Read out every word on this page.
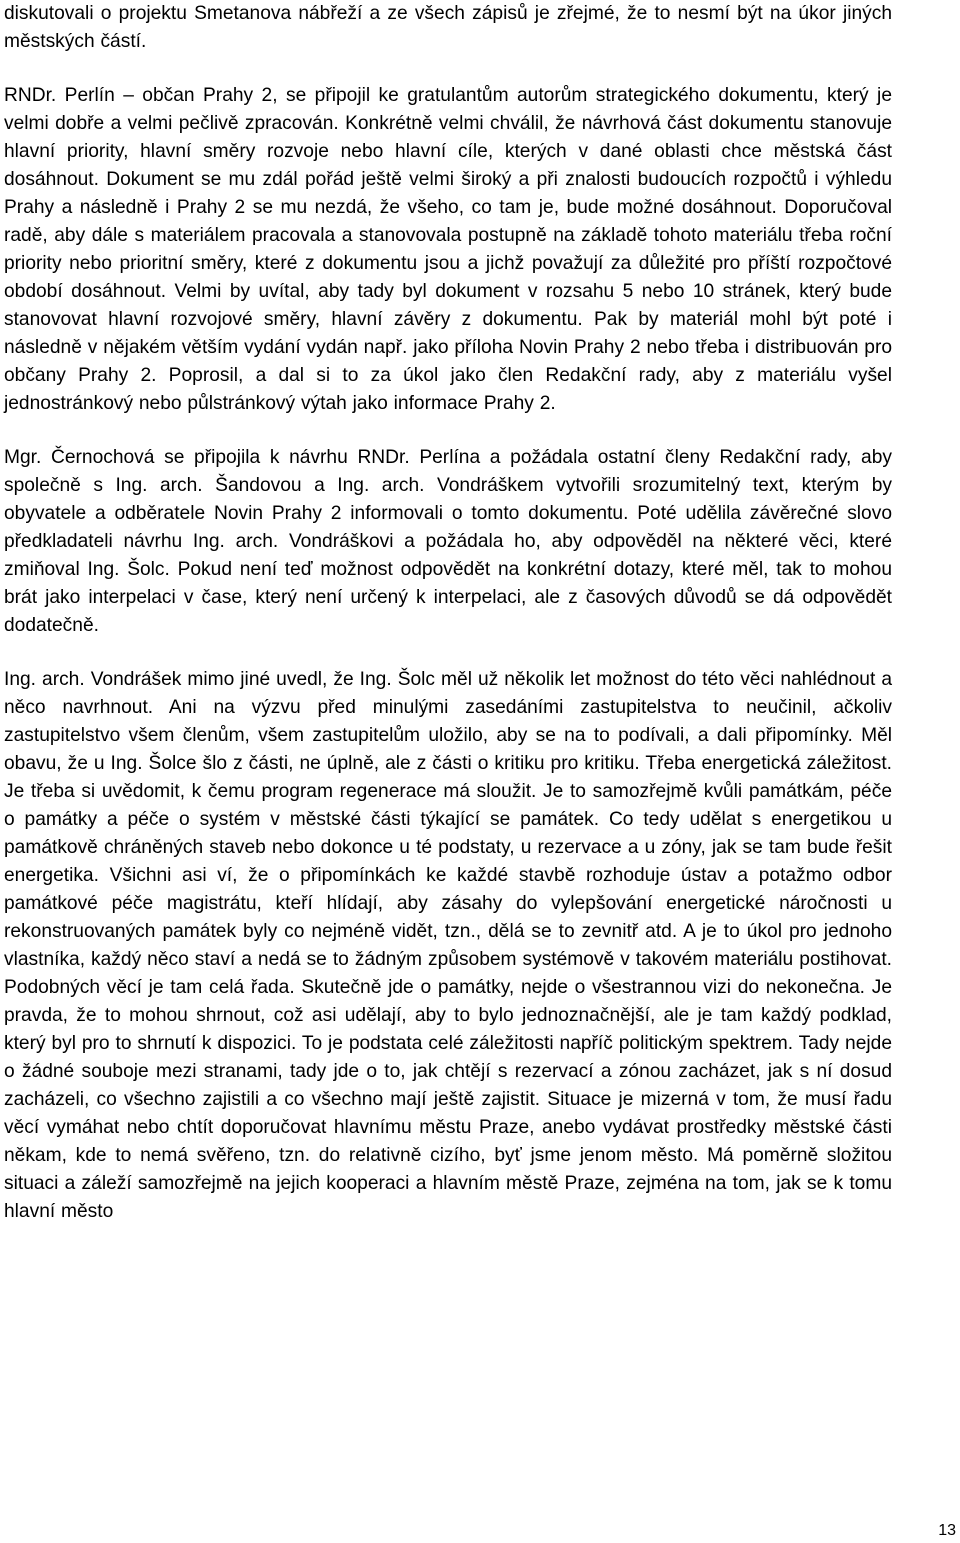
diskutovali o projektu Smetanova nábřeží a ze všech zápisů je zřejmé, že to nesmí být na úkor jiných městských částí.

RNDr. Perlín – občan Prahy 2, se připojil ke gratulantům autorům strategického dokumentu, který je velmi dobře a velmi pečlivě zpracován. Konkrétně velmi chválil, že návrhová část dokumentu stanovuje hlavní priority, hlavní směry rozvoje nebo hlavní cíle, kterých v dané oblasti chce městská část dosáhnout. Dokument se mu zdál pořád ještě velmi široký a při znalosti budoucích rozpočtů i výhledu Prahy a následně i Prahy 2 se mu nezdá, že všeho, co tam je, bude možné dosáhnout. Doporučoval radě, aby dále s materiálem pracovala a stanovovala postupně na základě tohoto materiálu třeba roční priority nebo prioritní směry, které z dokumentu jsou a jichž považují za důležité pro příští rozpočtové období dosáhnout. Velmi by uvítal, aby tady byl dokument v rozsahu 5 nebo 10 stránek, který bude stanovovat hlavní rozvojové směry, hlavní závěry z dokumentu. Pak by materiál mohl být poté i následně v nějakém větším vydání vydán např. jako příloha Novin Prahy 2 nebo třeba i distribuován pro občany Prahy 2. Poprosil, a dal si to za úkol jako člen Redakční rady, aby z materiálu vyšel jednostránkový nebo půlstránkový výtah jako informace Prahy 2.

Mgr. Černochová se připojila k návrhu RNDr. Perlína a požádala ostatní členy Redakční rady, aby společně s Ing. arch. Šandovou a Ing. arch. Vondráškem vytvořili srozumitelný text, kterým by obyvatele a odběratele Novin Prahy 2 informovali o tomto dokumentu. Poté udělila závěrečné slovo předkladateli návrhu Ing. arch. Vondráškovi a požádala ho, aby odpověděl na některé věci, které zmiňoval Ing. Šolc. Pokud není teď možnost odpovědět na konkrétní dotazy, které měl, tak to mohou brát jako interpelaci v čase, který není určený k interpelaci, ale z časových důvodů se dá odpovědět dodatečně.

Ing. arch. Vondrášek mimo jiné uvedl, že Ing. Šolc měl už několik let možnost do této věci nahlédnout a něco navrhnout. Ani na výzvu před minulými zasedáními zastupitelstva to neučinil, ačkoliv zastupitelstvo všem členům, všem zastupitelům uložilo, aby se na to podívali, a dali připomínky. Měl obavu, že u Ing. Šolce šlo z části, ne úplně, ale z části o kritiku pro kritiku. Třeba energetická záležitost. Je třeba si uvědomit, k čemu program regenerace má sloužit. Je to samozřejmě kvůli památkám, péče o památky a péče o systém v městské části týkající se památek. Co tedy udělat s energetikou u památkově chráněných staveb nebo dokonce u té podstaty, u rezervace a u zóny, jak se tam bude řešit energetika. Všichni asi ví, že o připomínkách ke každé stavbě rozhoduje ústav a potažmo odbor památkové péče magistrátu, kteří hlídají, aby zásahy do vylepšování energetické náročnosti u rekonstruovaných památek byly co nejméně vidět, tzn., dělá se to zevnitř atd. A je to úkol pro jednoho vlastníka, každý něco staví a nedá se to žádným způsobem systémově v takovém materiálu postihovat. Podobných věcí je tam celá řada. Skutečně jde o památky, nejde o všestrannou vizi do nekonečna. Je pravda, že to mohou shrnout, což asi udělají, aby to bylo jednoznačnější, ale je tam každý podklad, který byl pro to shrnutí k dispozici. To je podstata celé záležitosti napříč politickým spektrem. Tady nejde o žádné souboje mezi stranami, tady jde o to, jak chtějí s rezervací a zónou zacházet, jak s ní dosud zacházeli, co všechno zajistili a co všechno mají ještě zajistit. Situace je mizerná v tom, že musí řadu věcí vymáhat nebo chtít doporučovat hlavnímu městu Praze, anebo vydávat prostředky městské části někam, kde to nemá svěřeno, tzn. do relativně cizího, byť jsme jenom město. Má poměrně složitou situaci a záleží samozřejmě na jejich kooperaci a hlavním městě Praze, zejména na tom, jak se k tomu hlavní město

13
